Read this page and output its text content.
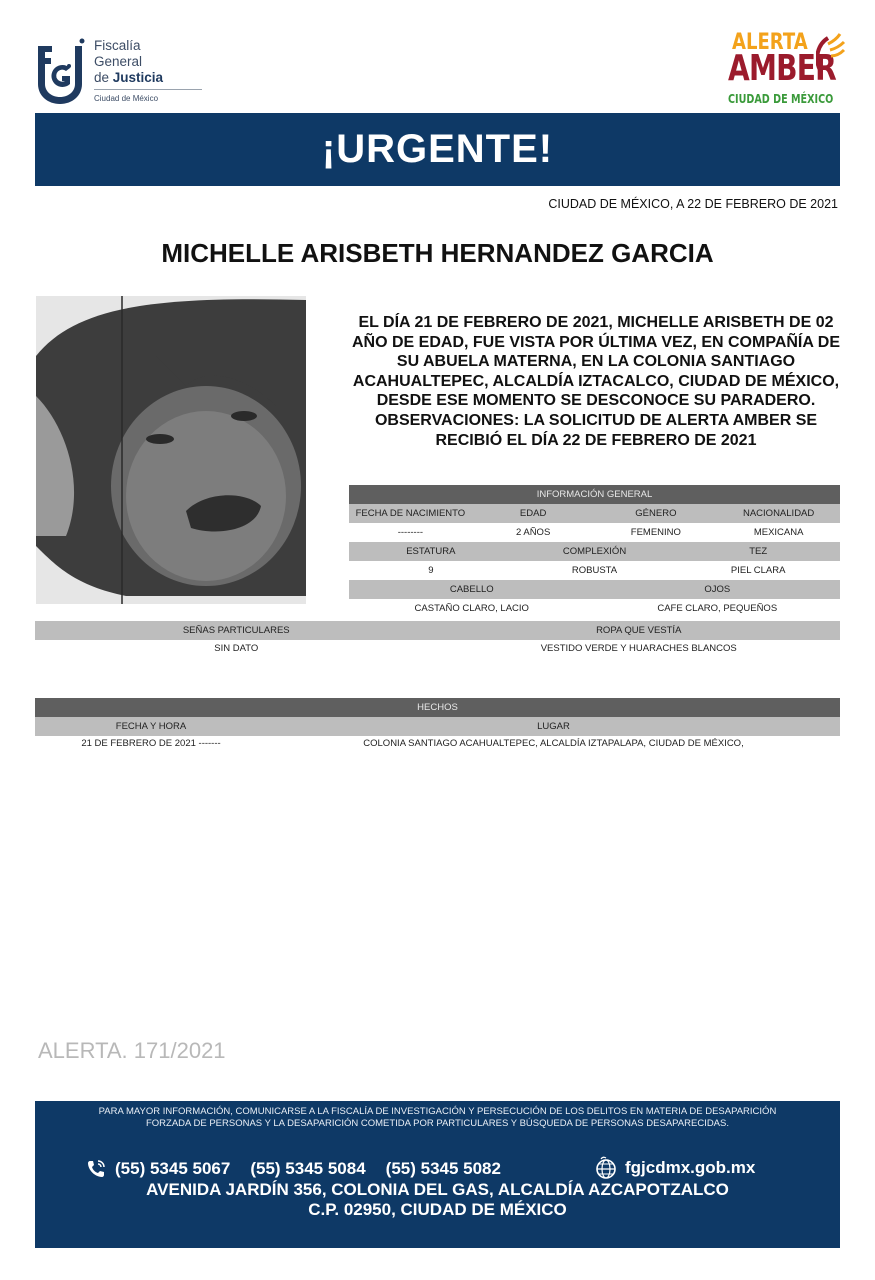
Fiscalía
General
de Justicia
Ciudad de México
ALERTA
AMBER
CIUDAD DE MÉXICO
¡URGENTE!
CIUDAD DE MÉXICO, A 22 DE FEBRERO DE 2021
MICHELLE ARISBETH HERNANDEZ GARCIA
EL DÍA 21 DE FEBRERO DE 2021, MICHELLE ARISBETH DE 02 AÑO DE EDAD, FUE VISTA POR ÚLTIMA VEZ, EN COMPAÑÍA DE SU ABUELA MATERNA, EN LA COLONIA SANTIAGO ACAHUALTEPEC, ALCALDÍA IZTACALCO, CIUDAD DE MÉXICO, DESDE ESE MOMENTO SE DESCONOCE SU PARADERO. OBSERVACIONES: LA SOLICITUD DE ALERTA AMBER SE RECIBIÓ EL DÍA 22 DE FEBRERO DE 2021
INFORMACIÓN GENERAL
FECHA DE NACIMIENTO	EDAD	GÉNERO	NACIONALIDAD
--------	2 AÑOS	FEMENINO	MEXICANA
ESTATURA	COMPLEXIÓN	TEZ
9	ROBUSTA	PIEL CLARA
CABELLO	OJOS
CASTAÑO CLARO, LACIO	CAFE CLARO, PEQUEÑOS
SEÑAS PARTICULARES	ROPA QUE VESTÍA
SIN DATO	VESTIDO VERDE Y HUARACHES BLANCOS
HECHOS
FECHA Y HORA	LUGAR
21 DE FEBRERO DE 2021 -------	COLONIA SANTIAGO ACAHUALTEPEC, ALCALDÍA IZTAPALAPA, CIUDAD DE MÉXICO,
ALERTA. 171/2021
PARA MAYOR INFORMACIÓN, COMUNICARSE A LA FISCALÍA DE INVESTIGACIÓN Y PERSECUCIÓN DE LOS DELITOS EN MATERIA DE DESAPARICIÓN
FORZADA DE PERSONAS Y LA DESAPARICIÓN COMETIDA POR PARTICULARES Y BÚSQUEDA DE PERSONAS DESAPARECIDAS.
(55) 5345 5067 (55) 5345 5084 (55) 5345 5082	fgjcdmx.gob.mx
AVENIDA JARDÍN 356, COLONIA DEL GAS, ALCALDÍA AZCAPOTZALCO
C.P. 02950, CIUDAD DE MÉXICO
